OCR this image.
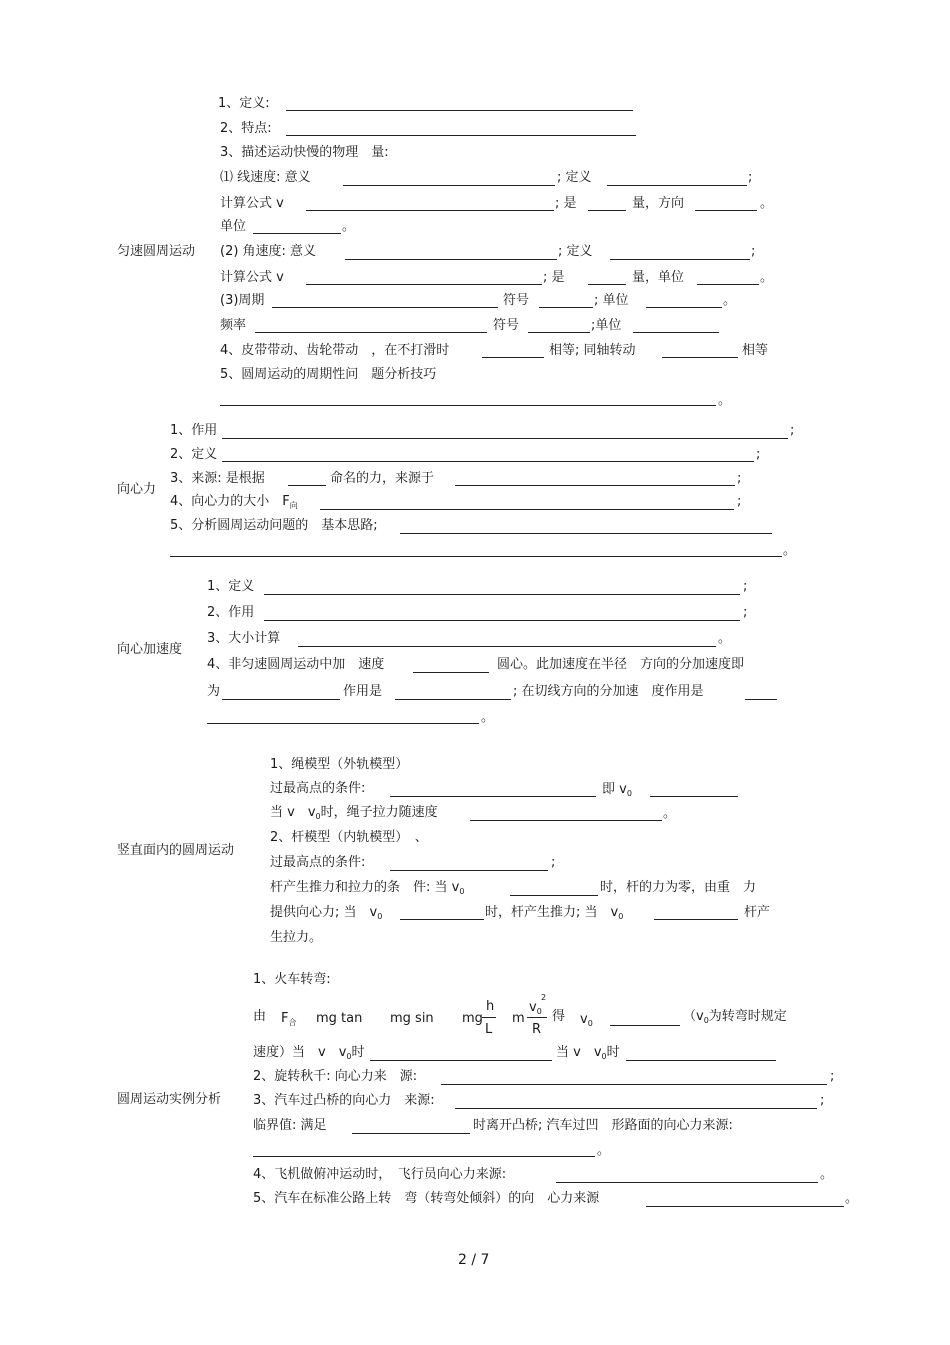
匀速圆周运动
1、定义:
2、特点:
3、描述运动快慢的物理　量:
⑴ 线速度: 意义	; 定义	;
计算公式 v	; 是	量，方向	。
单位	。
(2) 角速度: 意义	; 定义	;
计算公式 v	; 是	量，单位	。
(3)周期	符号	; 单位	。
频率	符号	;单位
4、皮带带动、齿轮带动　，在不打滑时	相等; 同轴转动	相等
5、圆周运动的周期性问　题分析技巧
。
向心力
1、作用	;
2、定义	;
3、来源: 是根据	命名的力，来源于	;
4、向心力的大小　$F_向$	;
5、分析圆周运动问题的　基本思路;
。
向心加速度
1、定义	;
2、作用	;
3、大小计算	。
4、非匀速圆周运动中加　速度	圆心。此加速度在半径　方向的分加速度即
为	作用是	; 在切线方向的分加速　度作用是
。
竖直面内的圆周运动
1、绳模型（外轨模型）
过最高点的条件:	即 $v_0$
当 v　$v_0$时，绳子拉力随速度	。
2、杆模型（内轨模型）　、
过最高点的条件:	;
杆产生推力和拉力的条　件: 当 $v_0$	时，杆的力为零，由重　力
提供向心力; 当　$v_0$	时，杆产生推力; 当　$v_0$	杆产
生拉力。
圆周运动实例分析
1、火车转弯:
由 $F_合$ mg tan mg sin mg
h
L
m
2
$v_0$
R
得 $v_0$	（$v_0$为转弯时规定
速度）当　v　$v_0$时	当 v　$v_0$时
2、旋转秋千: 向心力来　源:	;
3、汽车过凸桥的向心力　来源:	;
临界值: 满足	时离开凸桥; 汽车过凹　形路面的向心力来源:
。
4、飞机做俯冲运动时，　飞行员向心力来源:	。
5、汽车在标准公路上转　弯（转弯处倾斜）的向　心力来源	。
2 / 7
